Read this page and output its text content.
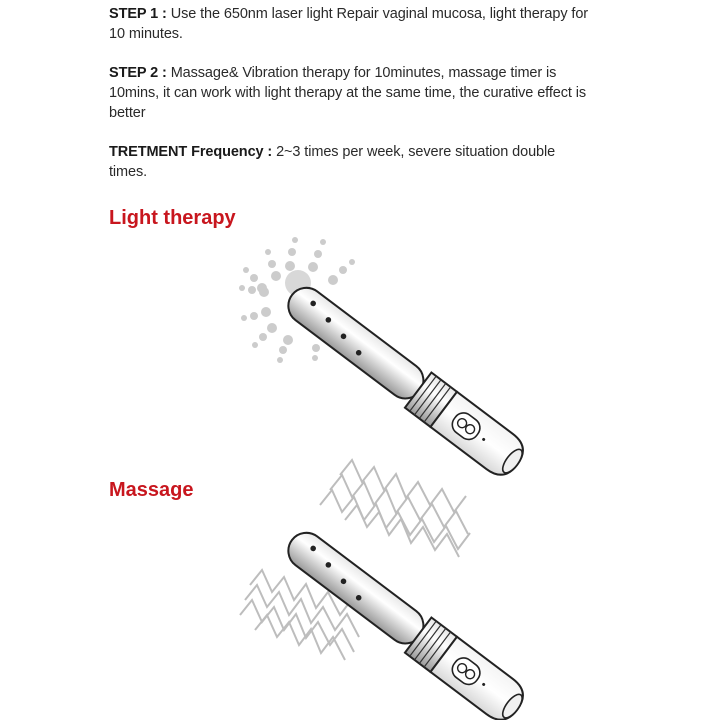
STEP 1 : Use the 650nm laser light Repair vaginal mucosa, light therapy for 10 minutes.
STEP 2 : Massage& Vibration therapy for 10minutes, massage timer is 10mins, it can work with light therapy at the same time, the curative effect is better
TRETMENT Frequency : 2~3 times per week, severe situation double times.
Light therapy
Massage
